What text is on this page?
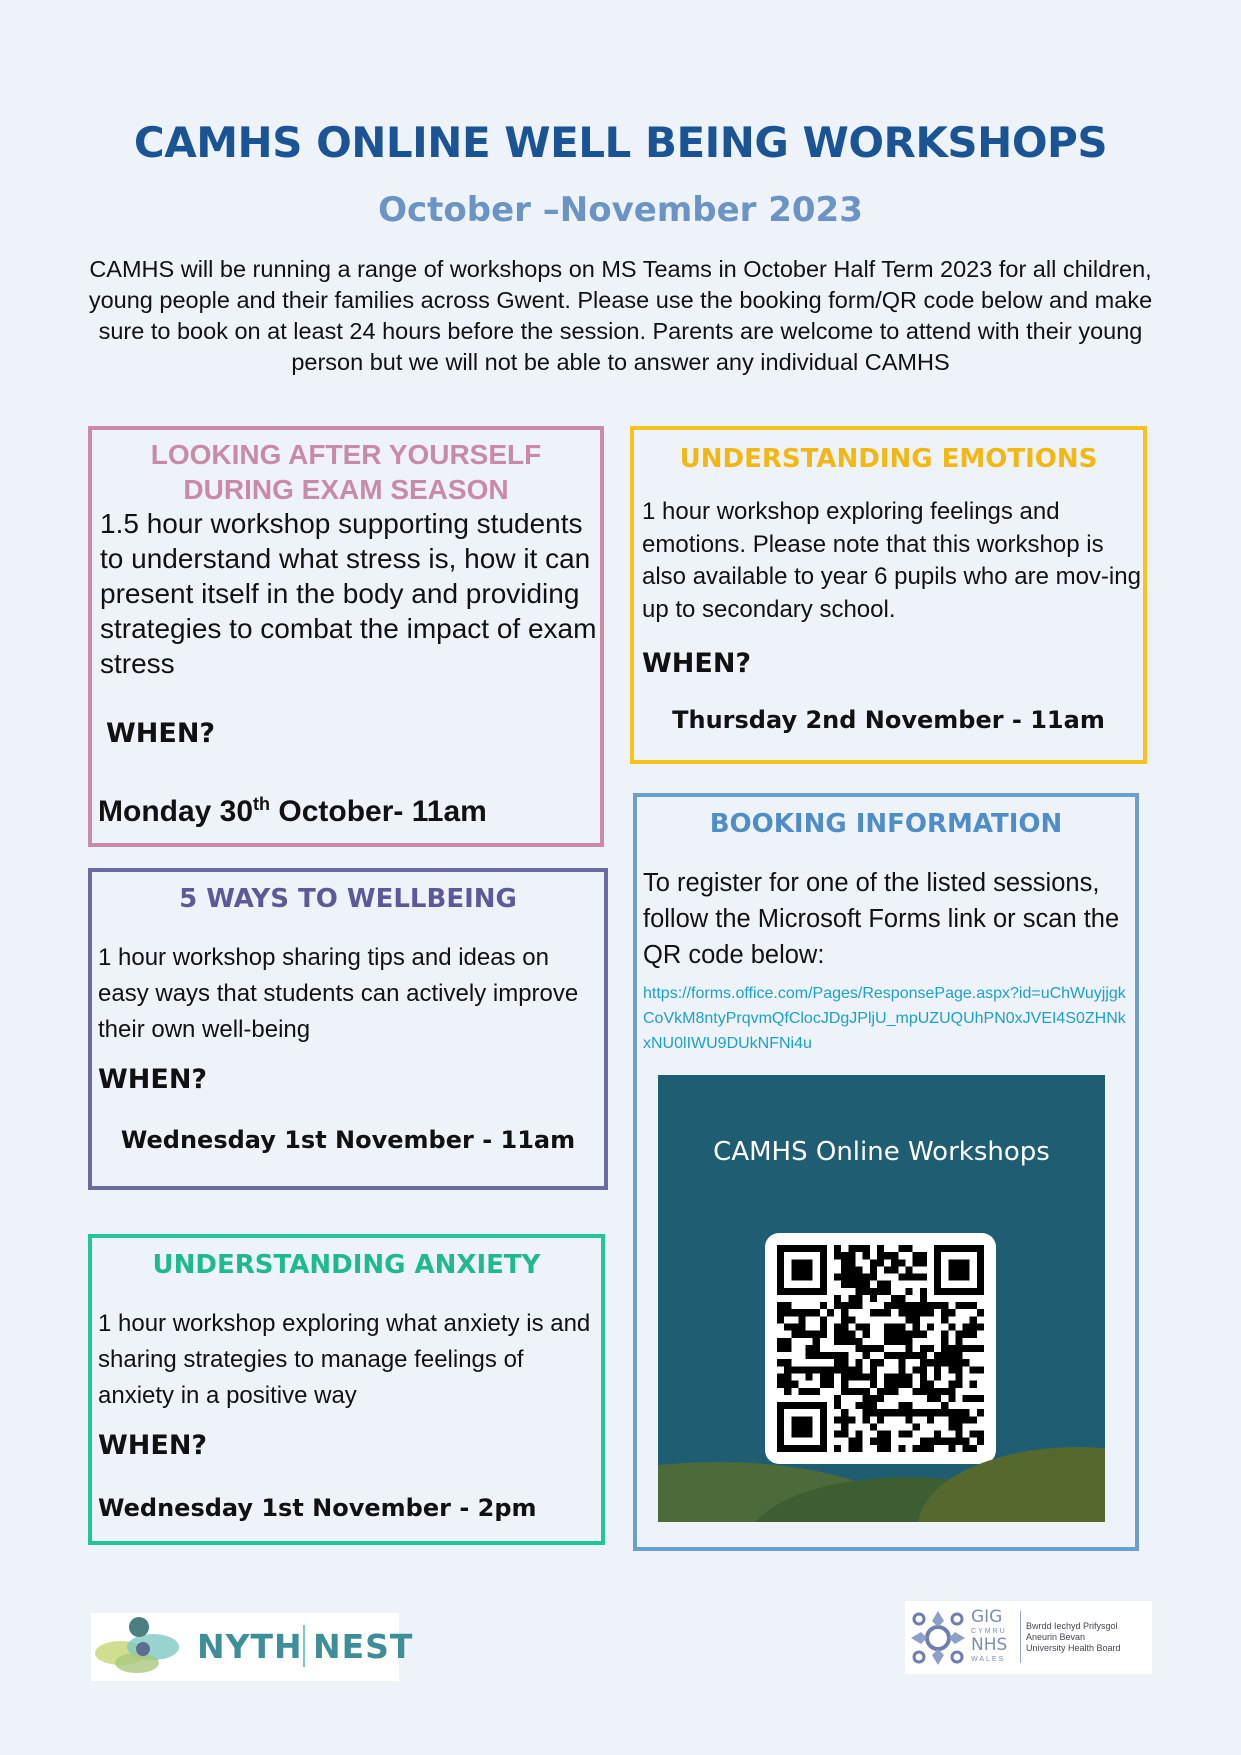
CAMHS ONLINE WELL BEING WORKSHOPS
October –November 2023
CAMHS will be running a range of workshops on MS Teams in October Half Term 2023 for all children, young people and their families across Gwent. Please use the booking form/QR code below and make sure to book on at least 24 hours before the session. Parents are welcome to attend with their young person but we will not be able to answer any individual CAMHS
LOOKING AFTER YOURSELF DURING EXAM SEASON
1.5 hour workshop supporting students to understand what stress is, how it can present itself in the body and providing strategies to combat the impact of exam stress
WHEN?
Monday 30th October- 11am
UNDERSTANDING EMOTIONS
1 hour workshop exploring feelings and emotions. Please note that this workshop is also available to year 6 pupils who are mov-ing up to secondary school.
WHEN?
Thursday 2nd November - 11am
5 WAYS TO WELLBEING
1 hour workshop sharing tips and ideas on easy ways that students can actively improve their own well-being
WHEN?
Wednesday 1st November - 11am
BOOKING INFORMATION
To register for one of the listed sessions, follow the Microsoft Forms link or scan the QR code below:
https://forms.office.com/Pages/ResponsePage.aspx?id=uChWuyjjgkCoVkM8ntyPrqvmQfClocJDgJPljU_mpUZUQUhPN0xJVEI4S0ZHNkxNU0lIWU9DUkNFNi4u
CAMHS Online Workshops
UNDERSTANDING ANXIETY
1 hour workshop exploring what anxiety is and sharing strategies to manage feelings of anxiety in a positive way
WHEN?
Wednesday 1st November - 2pm
NYTH NEST
GIG
CYMRU
NHS
WALES
Bwrdd Iechyd Prifysgol
Aneurin Bevan
University Health Board
